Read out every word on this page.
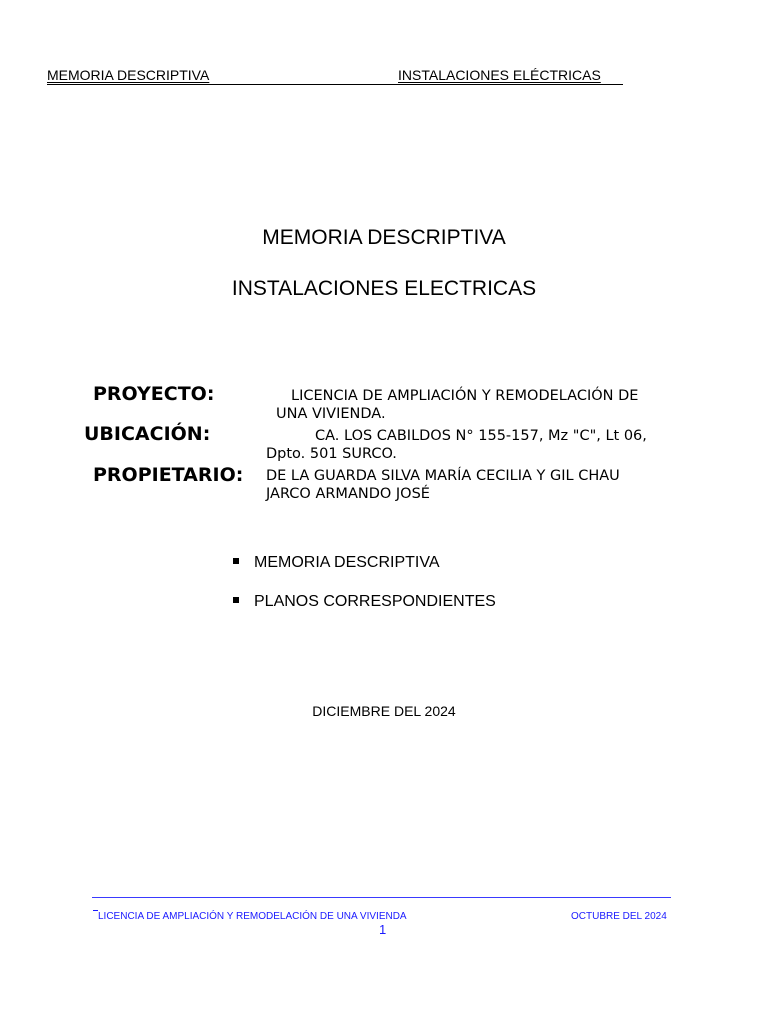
MEMORIA DESCRIPTIVA	INSTALACIONES ELÉCTRICAS
MEMORIA DESCRIPTIVA
INSTALACIONES ELECTRICAS
PROYECTO:	LICENCIA DE AMPLIACIÓN Y REMODELACIÓN DE
UNA VIVIENDA.
UBICACIÓN:	CA. LOS CABILDOS N° 155-157, Mz "C", Lt 06,
Dpto. 501 SURCO.
PROPIETARIO: DE LA GUARDA SILVA MARÍA CECILIA Y GIL CHAU
JARCO ARMANDO JOSÉ
MEMORIA DESCRIPTIVA
PLANOS CORRESPONDIENTES
DICIEMBRE DEL 2024
LICENCIA DE AMPLIACIÓN Y REMODELACIÓN DE UNA VIVIENDA	OCTUBRE DEL 2024
1
